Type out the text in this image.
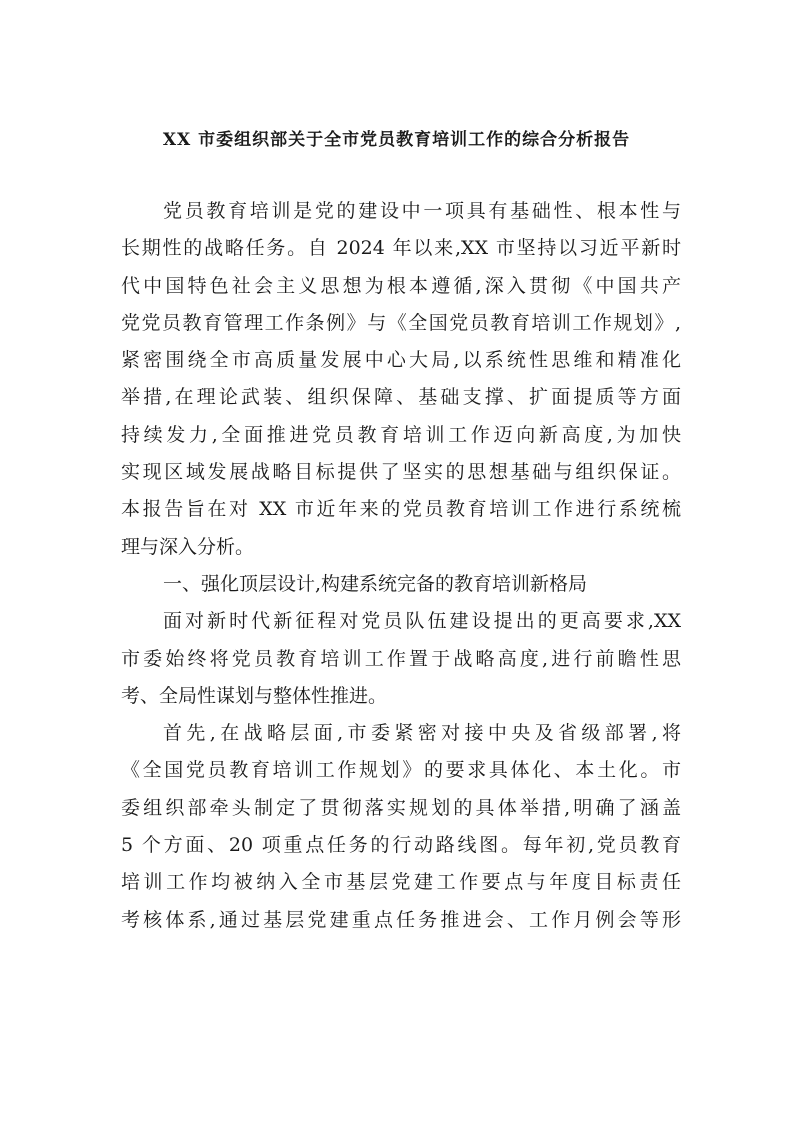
XX 市委组织部关于全市党员教育培训工作的综合分析报告
党员教育培训是党的建设中一项具有基础性、根本性与
长期性的战略任务。自 2024 年以来,XX 市坚持以习近平新时
代中国特色社会主义思想为根本遵循,深入贯彻《中国共产
党党员教育管理工作条例》与《全国党员教育培训工作规划》,
紧密围绕全市高质量发展中心大局,以系统性思维和精准化
举措,在理论武装、组织保障、基础支撑、扩面提质等方面
持续发力,全面推进党员教育培训工作迈向新高度,为加快
实现区域发展战略目标提供了坚实的思想基础与组织保证。
本报告旨在对 XX 市近年来的党员教育培训工作进行系统梳
理与深入分析。
一、强化顶层设计,构建系统完备的教育培训新格局
面对新时代新征程对党员队伍建设提出的更高要求,XX
市委始终将党员教育培训工作置于战略高度,进行前瞻性思
考、全局性谋划与整体性推进。
首先,在战略层面,市委紧密对接中央及省级部署,将
《全国党员教育培训工作规划》的要求具体化、本土化。市
委组织部牵头制定了贯彻落实规划的具体举措,明确了涵盖
5 个方面、20 项重点任务的行动路线图。每年初,党员教育
培训工作均被纳入全市基层党建工作要点与年度目标责任
考核体系,通过基层党建重点任务推进会、工作月例会等形
